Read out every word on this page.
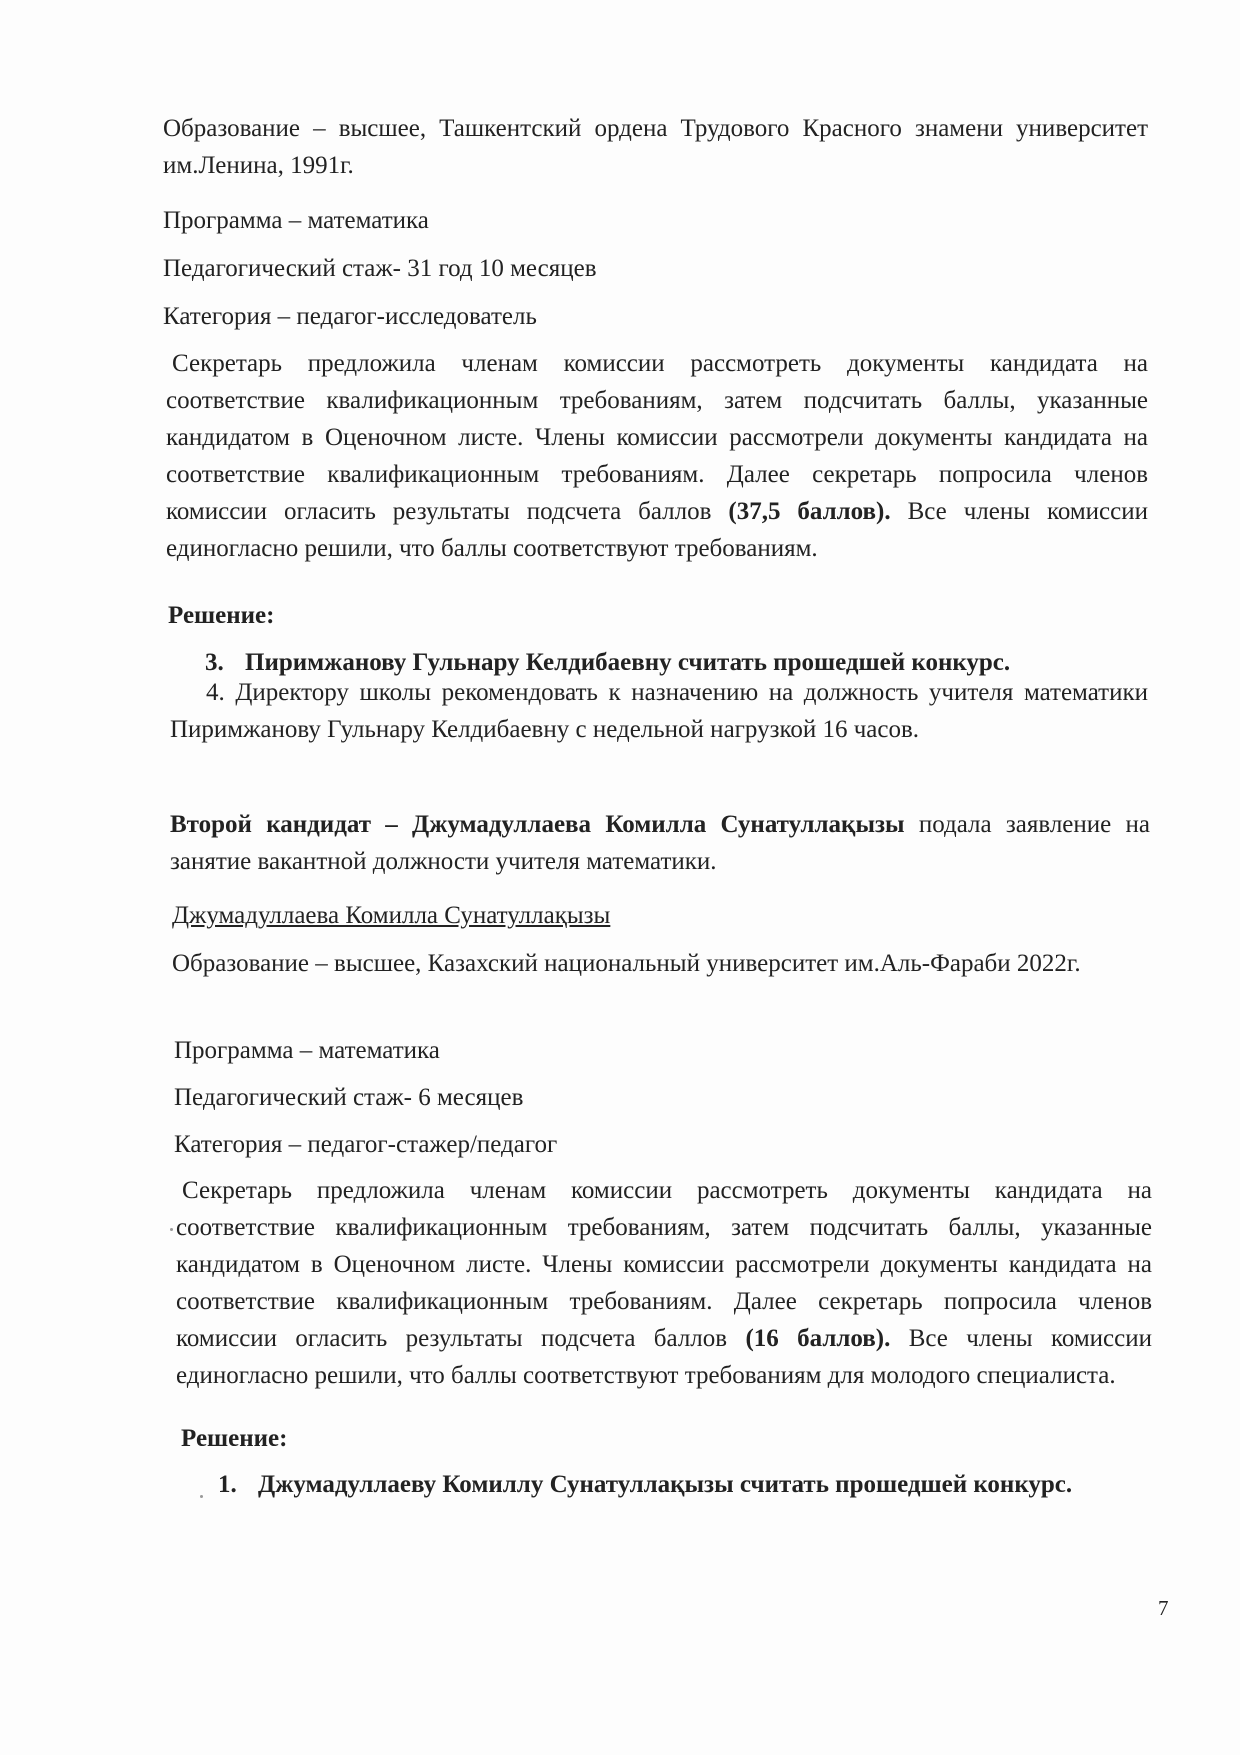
Образование – высшее, Ташкентский ордена Трудового Красного знамени университет им.Ленина, 1991г.

Программа – математика

Педагогический стаж- 31 год 10 месяцев

Категория – педагог-исследователь

Секретарь предложила членам комиссии рассмотреть документы кандидата на соответствие квалификационным требованиям, затем подсчитать баллы, указанные кандидатом в Оценочном листе. Члены комиссии рассмотрели документы кандидата на соответствие квалификационным требованиям. Далее секретарь попросила членов комиссии огласить результаты подсчета баллов (37,5 баллов). Все члены комиссии единогласно решили, что баллы соответствуют требованиям.

Решение:

3. Пиримжанову Гульнару Келдибаевну считать прошедшей конкурс.

4. Директору школы рекомендовать к назначению на должность учителя математики Пиримжанову Гульнару Келдибаевну с недельной нагрузкой 16 часов.

Второй кандидат – Джумадуллаева Комилла Сунатуллақызы подала заявление на занятие вакантной должности учителя математики.

Джумадуллаева Комилла Сунатуллақызы

Образование – высшее, Казахский национальный университет им.Аль-Фараби 2022г.

Программа – математика

Педагогический стаж- 6 месяцев

Категория – педагог-стажер/педагог

Секретарь предложила членам комиссии рассмотреть документы кандидата на соответствие квалификационным требованиям, затем подсчитать баллы, указанные кандидатом в Оценочном листе. Члены комиссии рассмотрели документы кандидата на соответствие квалификационным требованиям. Далее секретарь попросила членов комиссии огласить результаты подсчета баллов (16 баллов). Все члены комиссии единогласно решили, что баллы соответствуют требованиям для молодого специалиста.

Решение:

1. Джумадуллаеву Комиллу Сунатуллақызы считать прошедшей конкурс.

7
